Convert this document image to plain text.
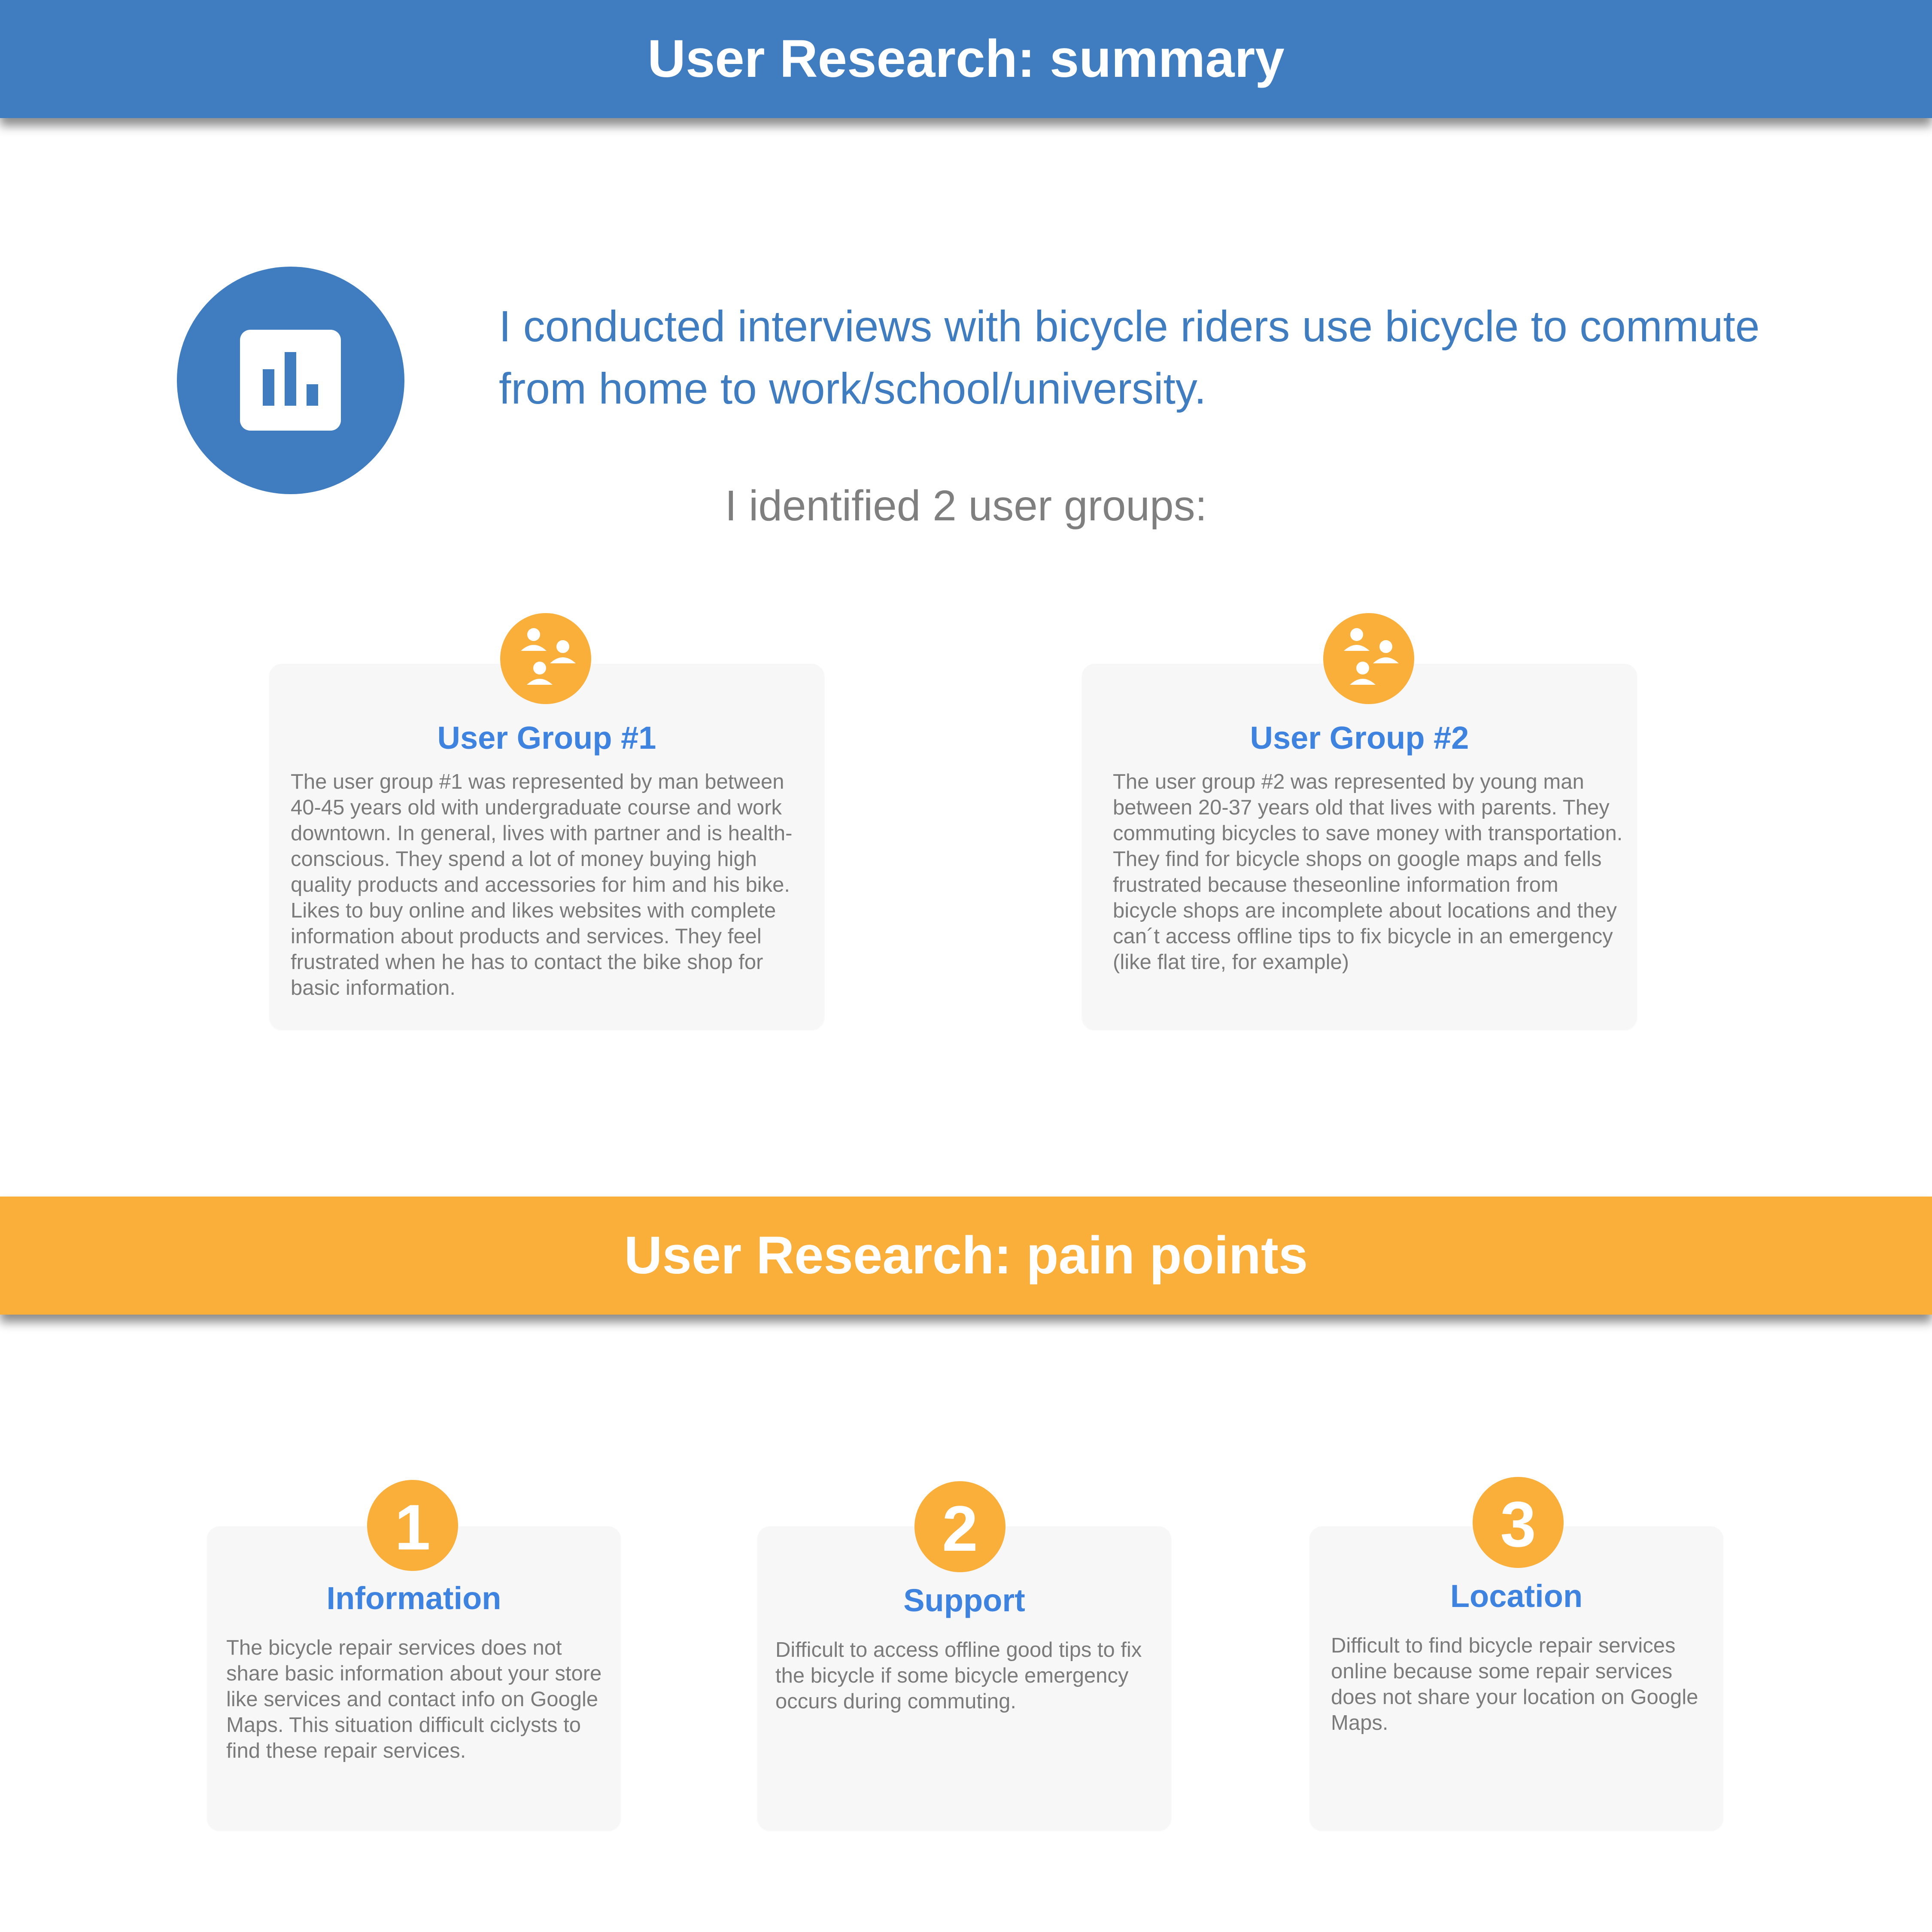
User Research: summary
I conducted interviews with bicycle riders use bicycle to commute from home to work/school/university.
I identified 2 user groups:
User Group #1
The user group #1 was represented by man between 40-45 years old with undergraduate course and work downtown. In general, lives with partner and is health-conscious. They spend a lot of money buying high quality products and accessories for him and his bike. Likes to buy online and likes websites with complete information about products and services. They feel frustrated when he has to contact the bike shop for basic information.
User Group #2
The user group #2 was represented by young man between 20-37 years old that lives with parents. They commuting bicycles to save money with transportation. They find for bicycle shops on google maps and fells frustrated because theseonline information from bicycle shops are incomplete about locations and they can´t access offline tips to fix bicycle in an emergency (like flat tire, for example)
User Research: pain points
Information
The bicycle repair services does not share basic information about your store like services and contact info on Google Maps. This situation difficult ciclysts to find these repair services.
Support
Difficult to access offline good tips to fix the bicycle if some bicycle emergency occurs during commuting.
Location
Difficult to find bicycle repair services online because some repair services does not share your location on Google Maps.
1	2	3
